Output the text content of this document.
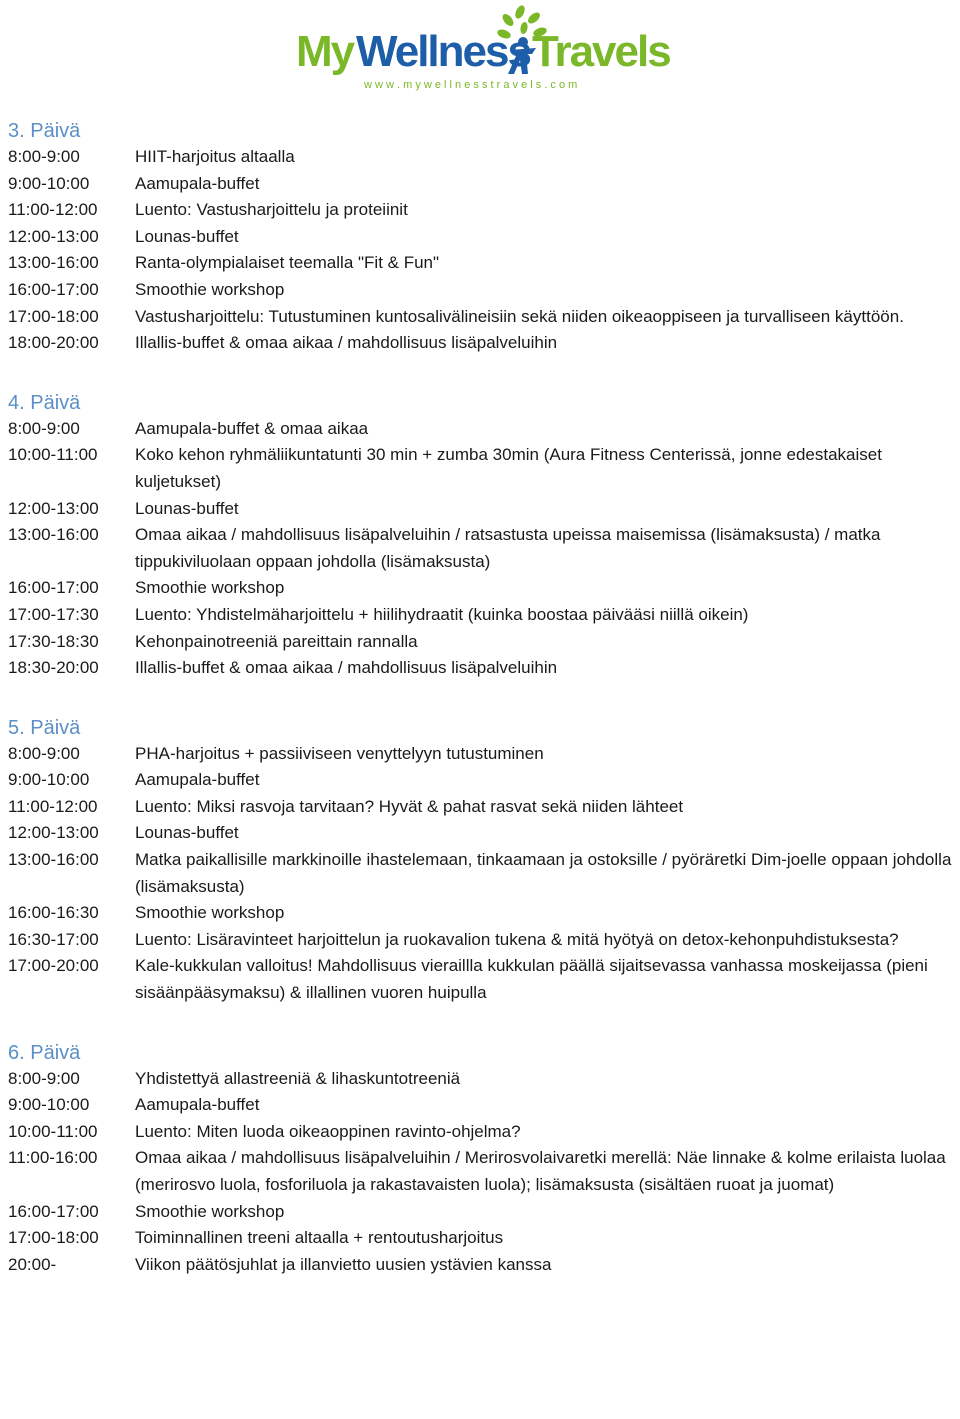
My Wellness Travels
w w w . m y w e l l n e s s t r a v e l s . c o m
3. Päivä
8:00-9:00	HIIT-harjoitus altaalla
9:00-10:00	Aamupala-buffet
11:00-12:00	Luento: Vastusharjoittelu ja proteiinit
12:00-13:00	Lounas-buffet
13:00-16:00	Ranta-olympialaiset teemalla "Fit & Fun"
16:00-17:00	Smoothie workshop
17:00-18:00	Vastusharjoittelu: Tutustuminen kuntosalivälineisiin sekä niiden oikeaoppiseen ja turvalliseen käyttöön.
18:00-20:00	Illallis-buffet & omaa aikaa / mahdollisuus lisäpalveluihin
4. Päivä
8:00-9:00	Aamupala-buffet & omaa aikaa
10:00-11:00	Koko kehon ryhmäliikuntatunti 30 min + zumba 30min (Aura Fitness Centerissä, jonne edestakaiset kuljetukset)
12:00-13:00	Lounas-buffet
13:00-16:00	Omaa aikaa / mahdollisuus lisäpalveluihin / ratsastusta upeissa maisemissa (lisämaksusta) / matka tippukiviluolaan oppaan johdolla (lisämaksusta)
16:00-17:00	Smoothie workshop
17:00-17:30	Luento: Yhdistelmäharjoittelu + hiilihydraatit (kuinka boostaa päivääsi niillä oikein)
17:30-18:30	Kehonpainotreeniä pareittain rannalla
18:30-20:00	Illallis-buffet & omaa aikaa / mahdollisuus lisäpalveluihin
5. Päivä
8:00-9:00	PHA-harjoitus + passiiviseen venyttelyyn tutustuminen
9:00-10:00	Aamupala-buffet
11:00-12:00	Luento: Miksi rasvoja tarvitaan? Hyvät & pahat rasvat sekä niiden lähteet
12:00-13:00	Lounas-buffet
13:00-16:00	Matka paikallisille markkinoille ihastelemaan, tinkaamaan ja ostoksille / pyöräretki Dim-joelle oppaan johdolla (lisämaksusta)
16:00-16:30	Smoothie workshop
16:30-17:00	Luento: Lisäravinteet harjoittelun ja ruokavalion tukena & mitä hyötyä on detox-kehonpuhdistuksesta?
17:00-20:00	Kale-kukkulan valloitus! Mahdollisuus vieraillla kukkulan päällä sijaitsevassa vanhassa moskeijassa (pieni sisäänpääsymaksu) & illallinen vuoren huipulla
6. Päivä
8:00-9:00	Yhdistettyä allastreeniä & lihaskuntotreeniä
9:00-10:00	Aamupala-buffet
10:00-11:00	Luento: Miten luoda oikeaoppinen ravinto-ohjelma?
11:00-16:00	Omaa aikaa / mahdollisuus lisäpalveluihin / Merirosvolaivaretki merellä: Näe linnake & kolme erilaista luolaa (merirosvo luola, fosforiluola ja rakastavaisten luola); lisämaksusta (sisältäen ruoat ja juomat)
16:00-17:00	Smoothie workshop
17:00-18:00	Toiminnallinen treeni altaalla + rentoutusharjoitus
20:00-	Viikon päätösjuhlat ja illanvietto uusien ystävien kanssa
